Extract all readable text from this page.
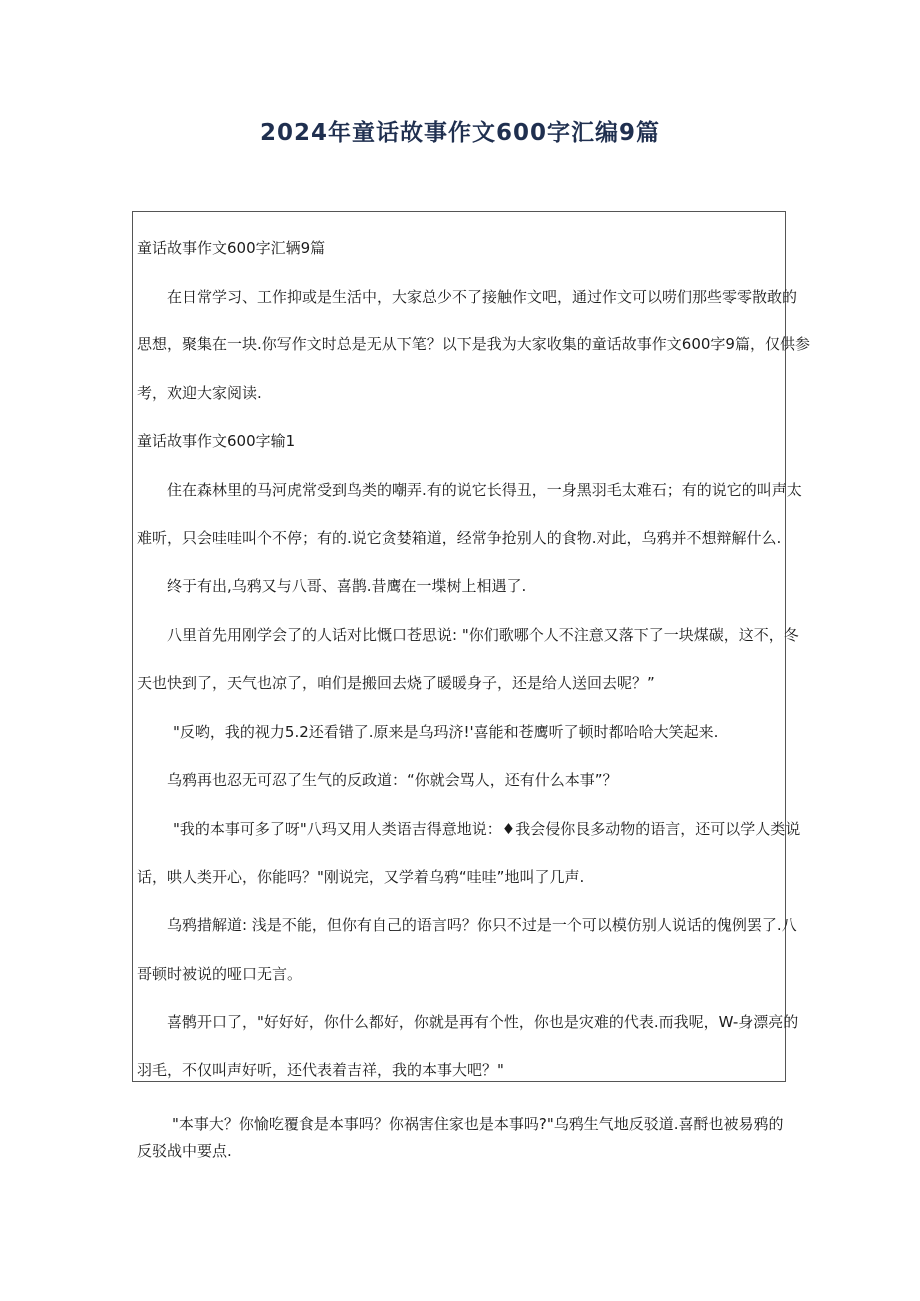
2024年童话故事作文600字汇编9篇
童话故事作文600字汇辆9篇
在日常学习、工作抑或是生活中，大家总少不了接触作文吧，通过作文可以唠们那些零零散敢的
思想，聚集在一块.你写作文时总是无从下笔？以下是我为大家收集的童话故事作文600字9篇，仅供参
考，欢迎大家阅读.
童话故事作文600字输1
住在森林里的马河虎常受到鸟类的嘲弄.有的说它长得丑，一身黑羽毛太难石；有的说它的叫声太
难听，只会哇哇叫个不停；有的.说它贪婪箱道，经常争抢别人的食物.对此，乌鸦并不想辩解什么.
终于有出,乌鸦又与八哥、喜鹊.昔鹰在一堞树上相遇了.
八里首先用刚学会了的人话对比慨口苍思说: "你们歌哪个人不注意又落下了一块煤碳，这不，冬
天也快到了，天气也凉了，咱们是搬回去烧了暖暖身子，还是给人送回去呢？”
"反哟，我的视力5.2还看错了.原来是乌玛济!'喜能和苍鹰听了顿时都哈哈大笑起来.
乌鸦再也忍无可忍了生气的反政道：“你就会骂人，还有什么本事”？
"我的本事可多了呀"八玛又用人类语吉得意地说：♦我会侵你艮多动物的语言，还可以学人类说
话，哄人类开心，你能吗？"刚说完，又学着乌鸦“哇哇”地叫了几声.
乌鸦措解道: 浅是不能，但你有自己的语言吗？你只不过是一个可以模仿别人说话的傀例罢了.八
哥顿时被说的哑口无言。
喜鹘开口了，"好好好，你什么都好，你就是再有个性，你也是灾难的代表.而我呢，W-身漂亮的
羽毛，不仅叫声好听，还代表着吉祥，我的本事大吧？"
"本事大？你愉吃覆食是本事吗？你祸害住家也是本事吗?"乌鸦生气地反驳道.喜酹也被易鸦的
反驳战中要点.
